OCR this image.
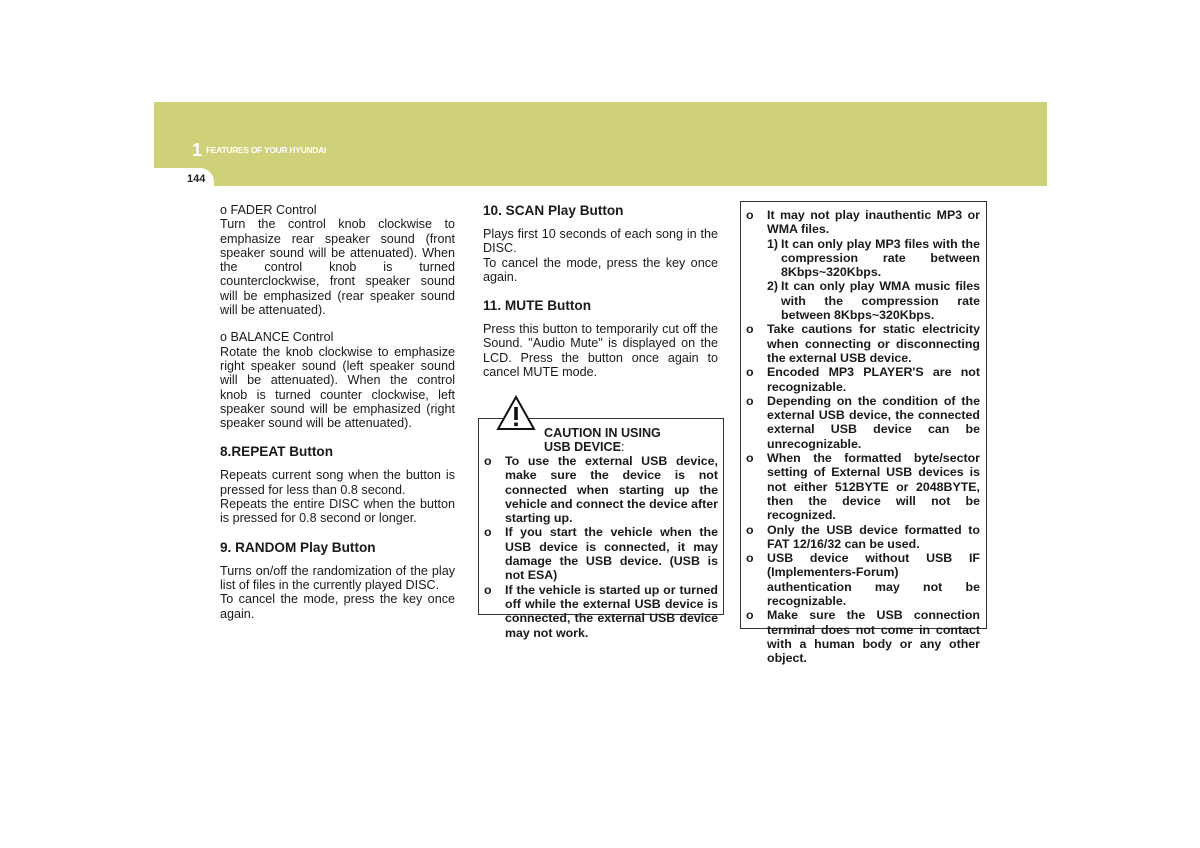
1 FEATURES OF YOUR HYUNDAI
144

o FADER Control

Turn the control knob clockwise to emphasize rear speaker sound (front speaker sound will be attenuated). When the control knob is turned counterclockwise, front speaker sound will be emphasized (rear speaker sound will be attenuated).

o BALANCE Control

Rotate the knob clockwise to emphasize right speaker sound (left speaker sound will be attenuated). When the control knob is turned counter clockwise, left speaker sound will be emphasized (right speaker sound will be attenuated).

8.REPEAT Button

Repeats current song when the button is pressed for less than 0.8 second.

Repeats the entire DISC when the button is pressed for 0.8 second or longer.

9. RANDOM Play Button

Turns on/off the randomization of the play list of files in the currently played DISC.

To cancel the mode, press the key once again.

10. SCAN Play Button

Plays first 10 seconds of each song in the DISC.

To cancel the mode, press the key once again.

11. MUTE Button

Press this button to temporarily cut off the Sound. "Audio Mute" is displayed on the LCD. Press the button once again to cancel MUTE mode.

CAUTION IN USING
USB DEVICE:
o To use the external USB device, make sure the device is not connected when starting up the vehicle and connect the device after starting up.
o If you start the vehicle when the USB device is connected, it may damage the USB device. (USB is not ESA)
o If the vehicle is started up or turned off while the external USB device is connected, the external USB device may not work.
o It may not play inauthentic MP3 or WMA files.
1) It can only play MP3 files with the compression rate between 8Kbps~320Kbps.
2) It can only play WMA music files with the compression rate between 8Kbps~320Kbps.
o Take cautions for static electricity when connecting or disconnecting the external USB device.
o Encoded MP3 PLAYER'S are not recognizable.
o Depending on the condition of the external USB device, the connected external USB device can be unrecognizable.
o When the formatted byte/sector setting of External USB devices is not either 512BYTE or 2048BYTE, then the device will not be recognized.
o Only the USB device formatted to FAT 12/16/32 can be used.
o USB device without USB IF (Implementers-Forum) authentication may not be recognizable.
o Make sure the USB connection terminal does not come in contact with a human body or any other object.
